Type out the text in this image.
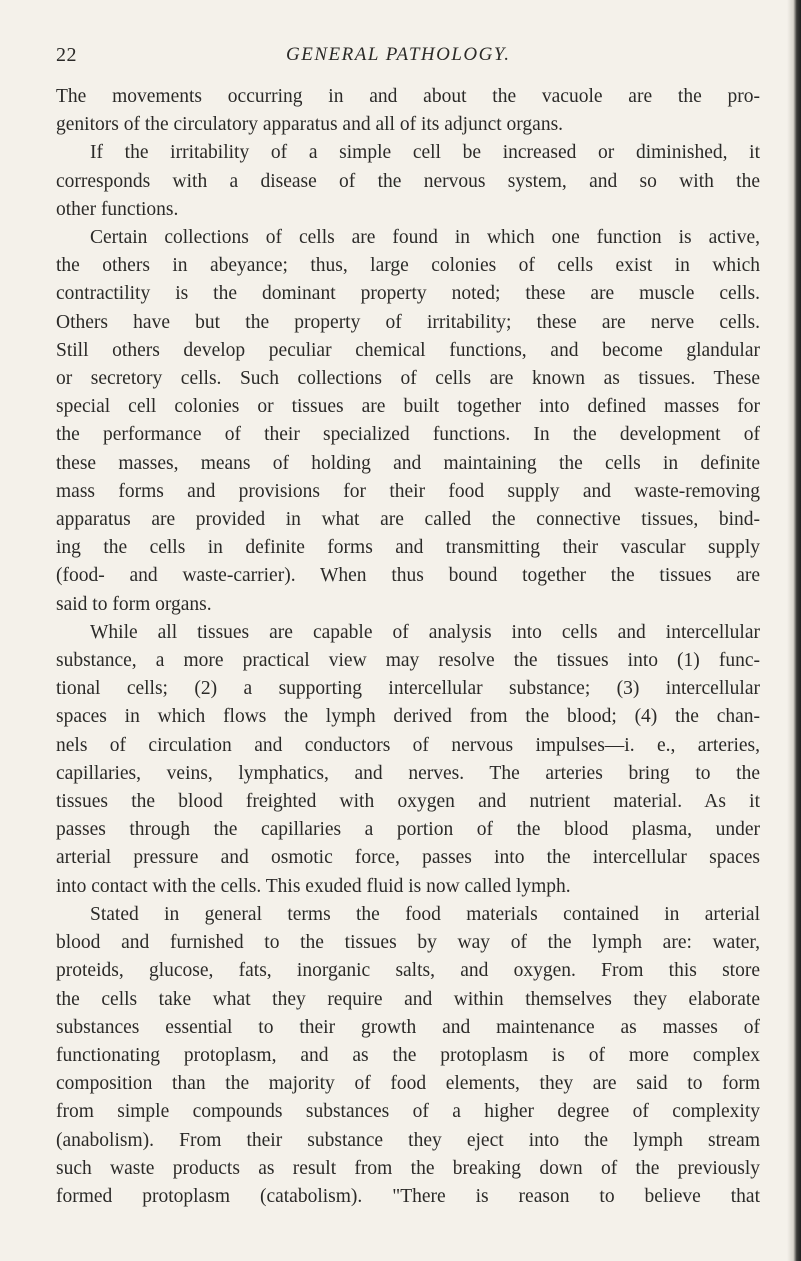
22	GENERAL PATHOLOGY.
The movements occurring in and about the vacuole are the pro-
genitors of the circulatory apparatus and all of its adjunct organs.
If the irritability of a simple cell be increased or diminished, it
corresponds with a disease of the nervous system, and so with the
other functions.
Certain collections of cells are found in which one function is active,
the others in abeyance; thus, large colonies of cells exist in which
contractility is the dominant property noted; these are muscle cells.
Others have but the property of irritability; these are nerve cells.
Still others develop peculiar chemical functions, and become glandular
or secretory cells. Such collections of cells are known as tissues. These
special cell colonies or tissues are built together into defined masses for
the performance of their specialized functions. In the development of
these masses, means of holding and maintaining the cells in definite
mass forms and provisions for their food supply and waste-removing
apparatus are provided in what are called the connective tissues, bind-
ing the cells in definite forms and transmitting their vascular supply
(food- and waste-carrier). When thus bound together the tissues are
said to form organs.
While all tissues are capable of analysis into cells and intercellular
substance, a more practical view may resolve the tissues into (1) func-
tional cells; (2) a supporting intercellular substance; (3) intercellular
spaces in which flows the lymph derived from the blood; (4) the chan-
nels of circulation and conductors of nervous impulses—i. e., arteries,
capillaries, veins, lymphatics, and nerves. The arteries bring to the
tissues the blood freighted with oxygen and nutrient material. As it
passes through the capillaries a portion of the blood plasma, under
arterial pressure and osmotic force, passes into the intercellular spaces
into contact with the cells. This exuded fluid is now called lymph.
Stated in general terms the food materials contained in arterial
blood and furnished to the tissues by way of the lymph are: water,
proteids, glucose, fats, inorganic salts, and oxygen. From this store
the cells take what they require and within themselves they elaborate
substances essential to their growth and maintenance as masses of
functionating protoplasm, and as the protoplasm is of more complex
composition than the majority of food elements, they are said to form
from simple compounds substances of a higher degree of complexity
(anabolism). From their substance they eject into the lymph stream
such waste products as result from the breaking down of the previously
formed protoplasm (catabolism). "There is reason to believe that
